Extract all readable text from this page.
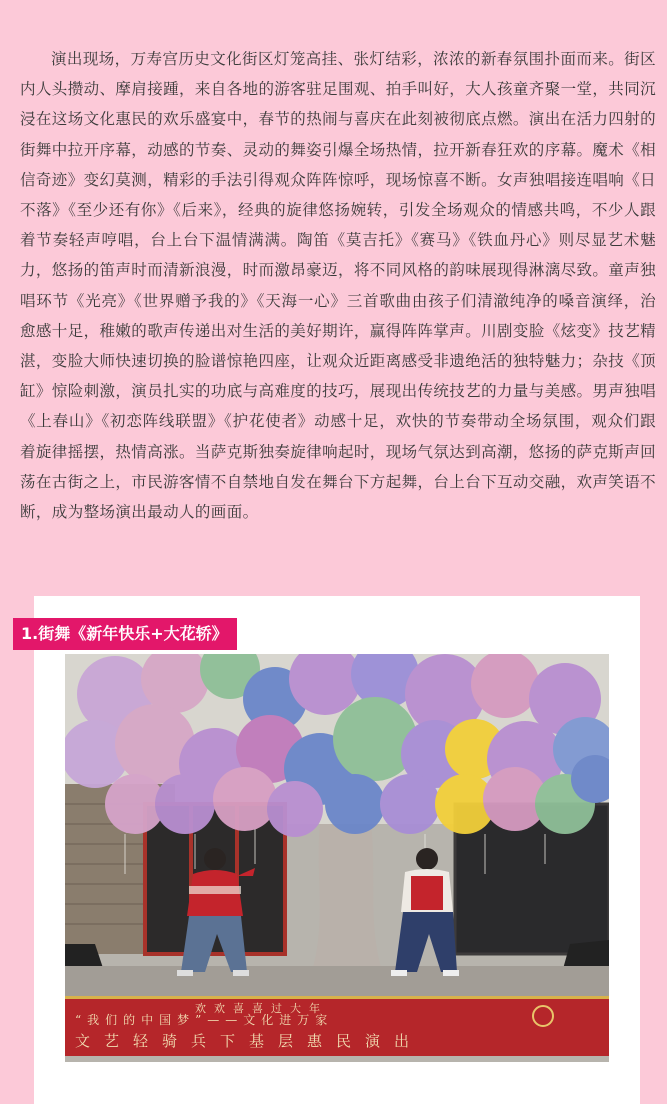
演出现场，万寿宫历史文化街区灯笼高挂、张灯结彩，浓浓的新春氛围扑面而来。街区内人头攒动、摩肩接踵，来自各地的游客驻足围观、拍手叫好，大人孩童齐聚一堂，共同沉浸在这场文化惠民的欢乐盛宴中，春节的热闹与喜庆在此刻被彻底点燃。演出在活力四射的街舞中拉开序幕，动感的节奏、灵动的舞姿引爆全场热情，拉开新春狂欢的序幕。魔术《相信奇迹》变幻莫测，精彩的手法引得观众阵阵惊呼，现场惊喜不断。女声独唱接连唱响《日不落》《至少还有你》《后来》，经典的旋律悠扬婉转，引发全场观众的情感共鸣，不少人跟着节奏轻声哼唱，台上台下温情满满。陶笛《莫吉托》《赛马》《铁血丹心》则尽显艺术魅力，悠扬的笛声时而清新浪漫，时而激昂豪迈，将不同风格的韵味展现得淋漓尽致。童声独唱环节《光亮》《世界赠予我的》《天海一心》三首歌曲由孩子们清澈纯净的嗓音演绎，治愈感十足，稚嫩的歌声传递出对生活的美好期许，赢得阵阵掌声。川剧变脸《炫变》技艺精湛，变脸大师快速切换的脸谱惊艳四座，让观众近距离感受非遗绝活的独特魅力；杂技《顶缸》惊险刺激，演员扎实的功底与高难度的技巧，展现出传统技艺的力量与美感。男声独唱《上春山》《初恋阵线联盟》《护花使者》动感十足，欢快的节奏带动全场氛围，观众们跟着旋律摇摆，热情高涨。当萨克斯独奏旋律响起时，现场气氛达到高潮，悠扬的萨克斯声回荡在古街之上，市民游客情不自禁地自发在舞台下方起舞，台上台下互动交融，欢声笑语不断，成为整场演出最动人的画面。

1.街舞《新年快乐+大花轿》
欢欢喜喜过大年
“我们的中国梦”——文化进万家
文艺轻骑兵下基层惠民演出
